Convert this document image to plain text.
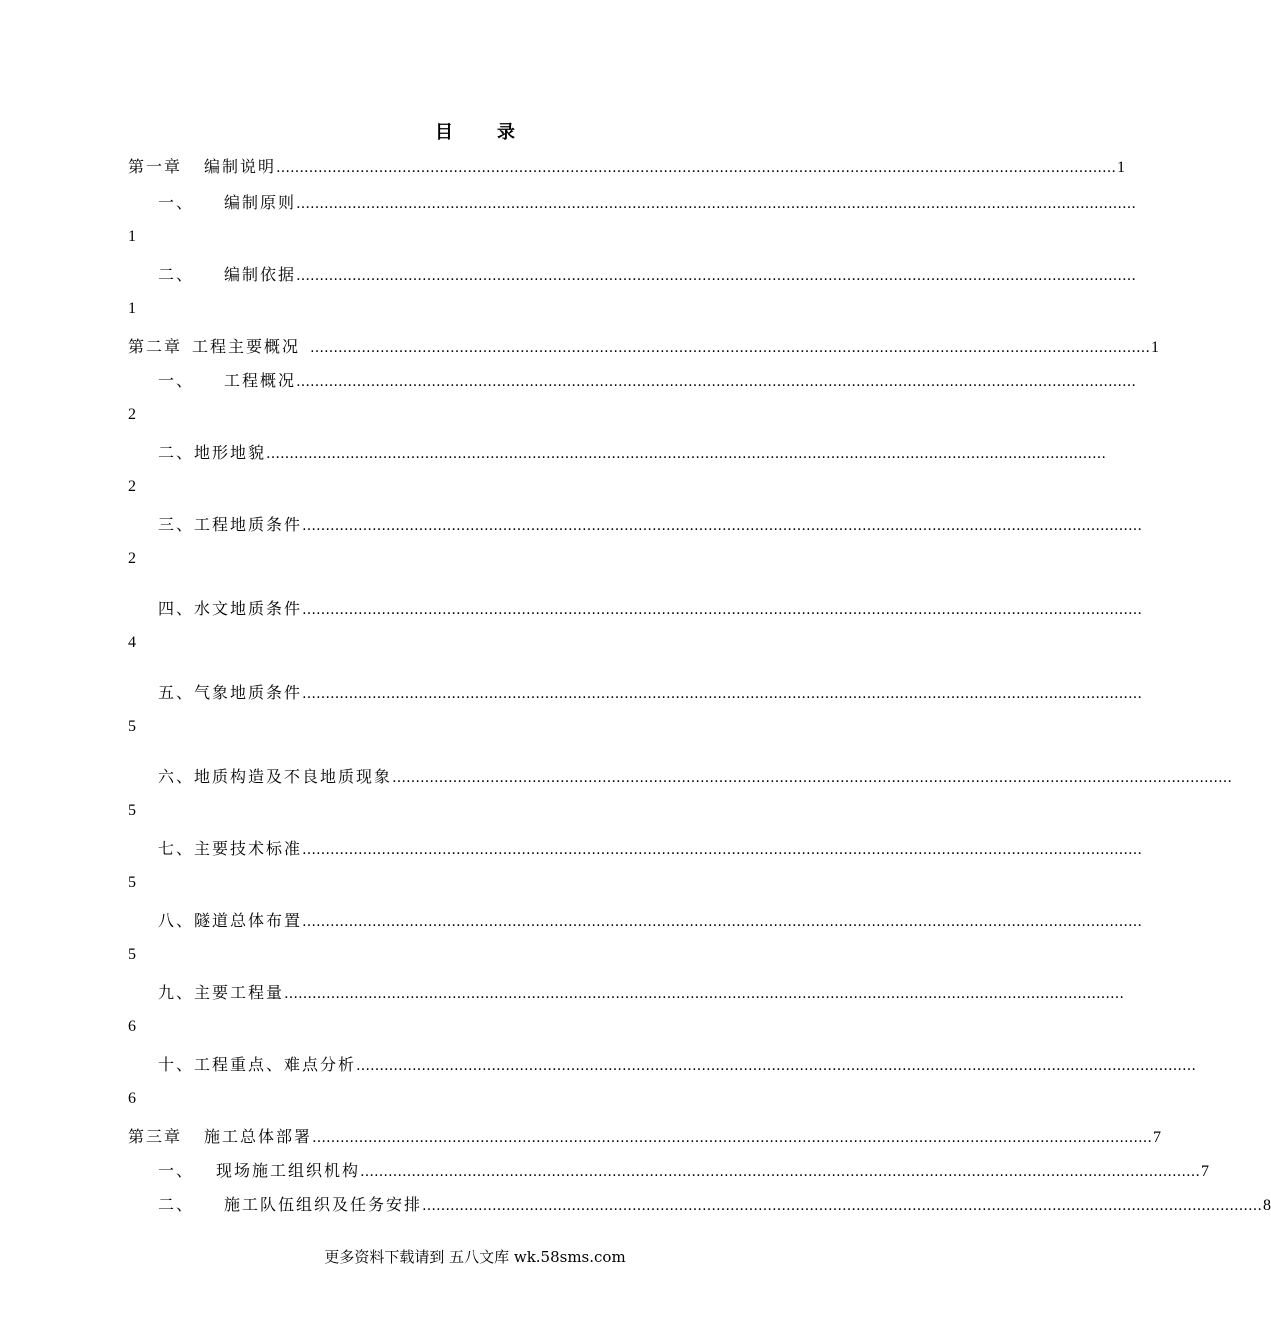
目 录
第一章 编制说明 ……………………………………………………………………………………………………………………………………………………………… 1
一、 编制原则 ………………………………………………………………………………………………………………………………………………………………
1
二、 编制依据 ………………………………………………………………………………………………………………………………………………………………
1
第二章 工程主要概况 ……………………………………………………………………………………………………………………………………………………………… 1
一、 工程概况 ………………………………………………………………………………………………………………………………………………………………
2
二、地形地貌 ………………………………………………………………………………………………………………………………………………………………
2
三、工程地质条件 ………………………………………………………………………………………………………………………………………………………………
2
四、水文地质条件 ………………………………………………………………………………………………………………………………………………………………
4
五、气象地质条件 ………………………………………………………………………………………………………………………………………………………………
5
六、地质构造及不良地质现象 ………………………………………………………………………………………………………………………………………………………………
5
七、主要技术标准 ………………………………………………………………………………………………………………………………………………………………
5
八、隧道总体布置 ………………………………………………………………………………………………………………………………………………………………
5
九、主要工程量 ………………………………………………………………………………………………………………………………………………………………
6
十、工程重点、难点分析 ………………………………………………………………………………………………………………………………………………………………
6
第三章 施工总体部署 ……………………………………………………………………………………………………………………………………………………………… 7
一、 现场施工组织机构 ……………………………………………………………………………………………………………………………………………………………… 7
二、 施工队伍组织及任务安排 ……………………………………………………………………………………………………………………………………………………………… 8
更多资料下载请到 五八文库 wk.58sms.com
